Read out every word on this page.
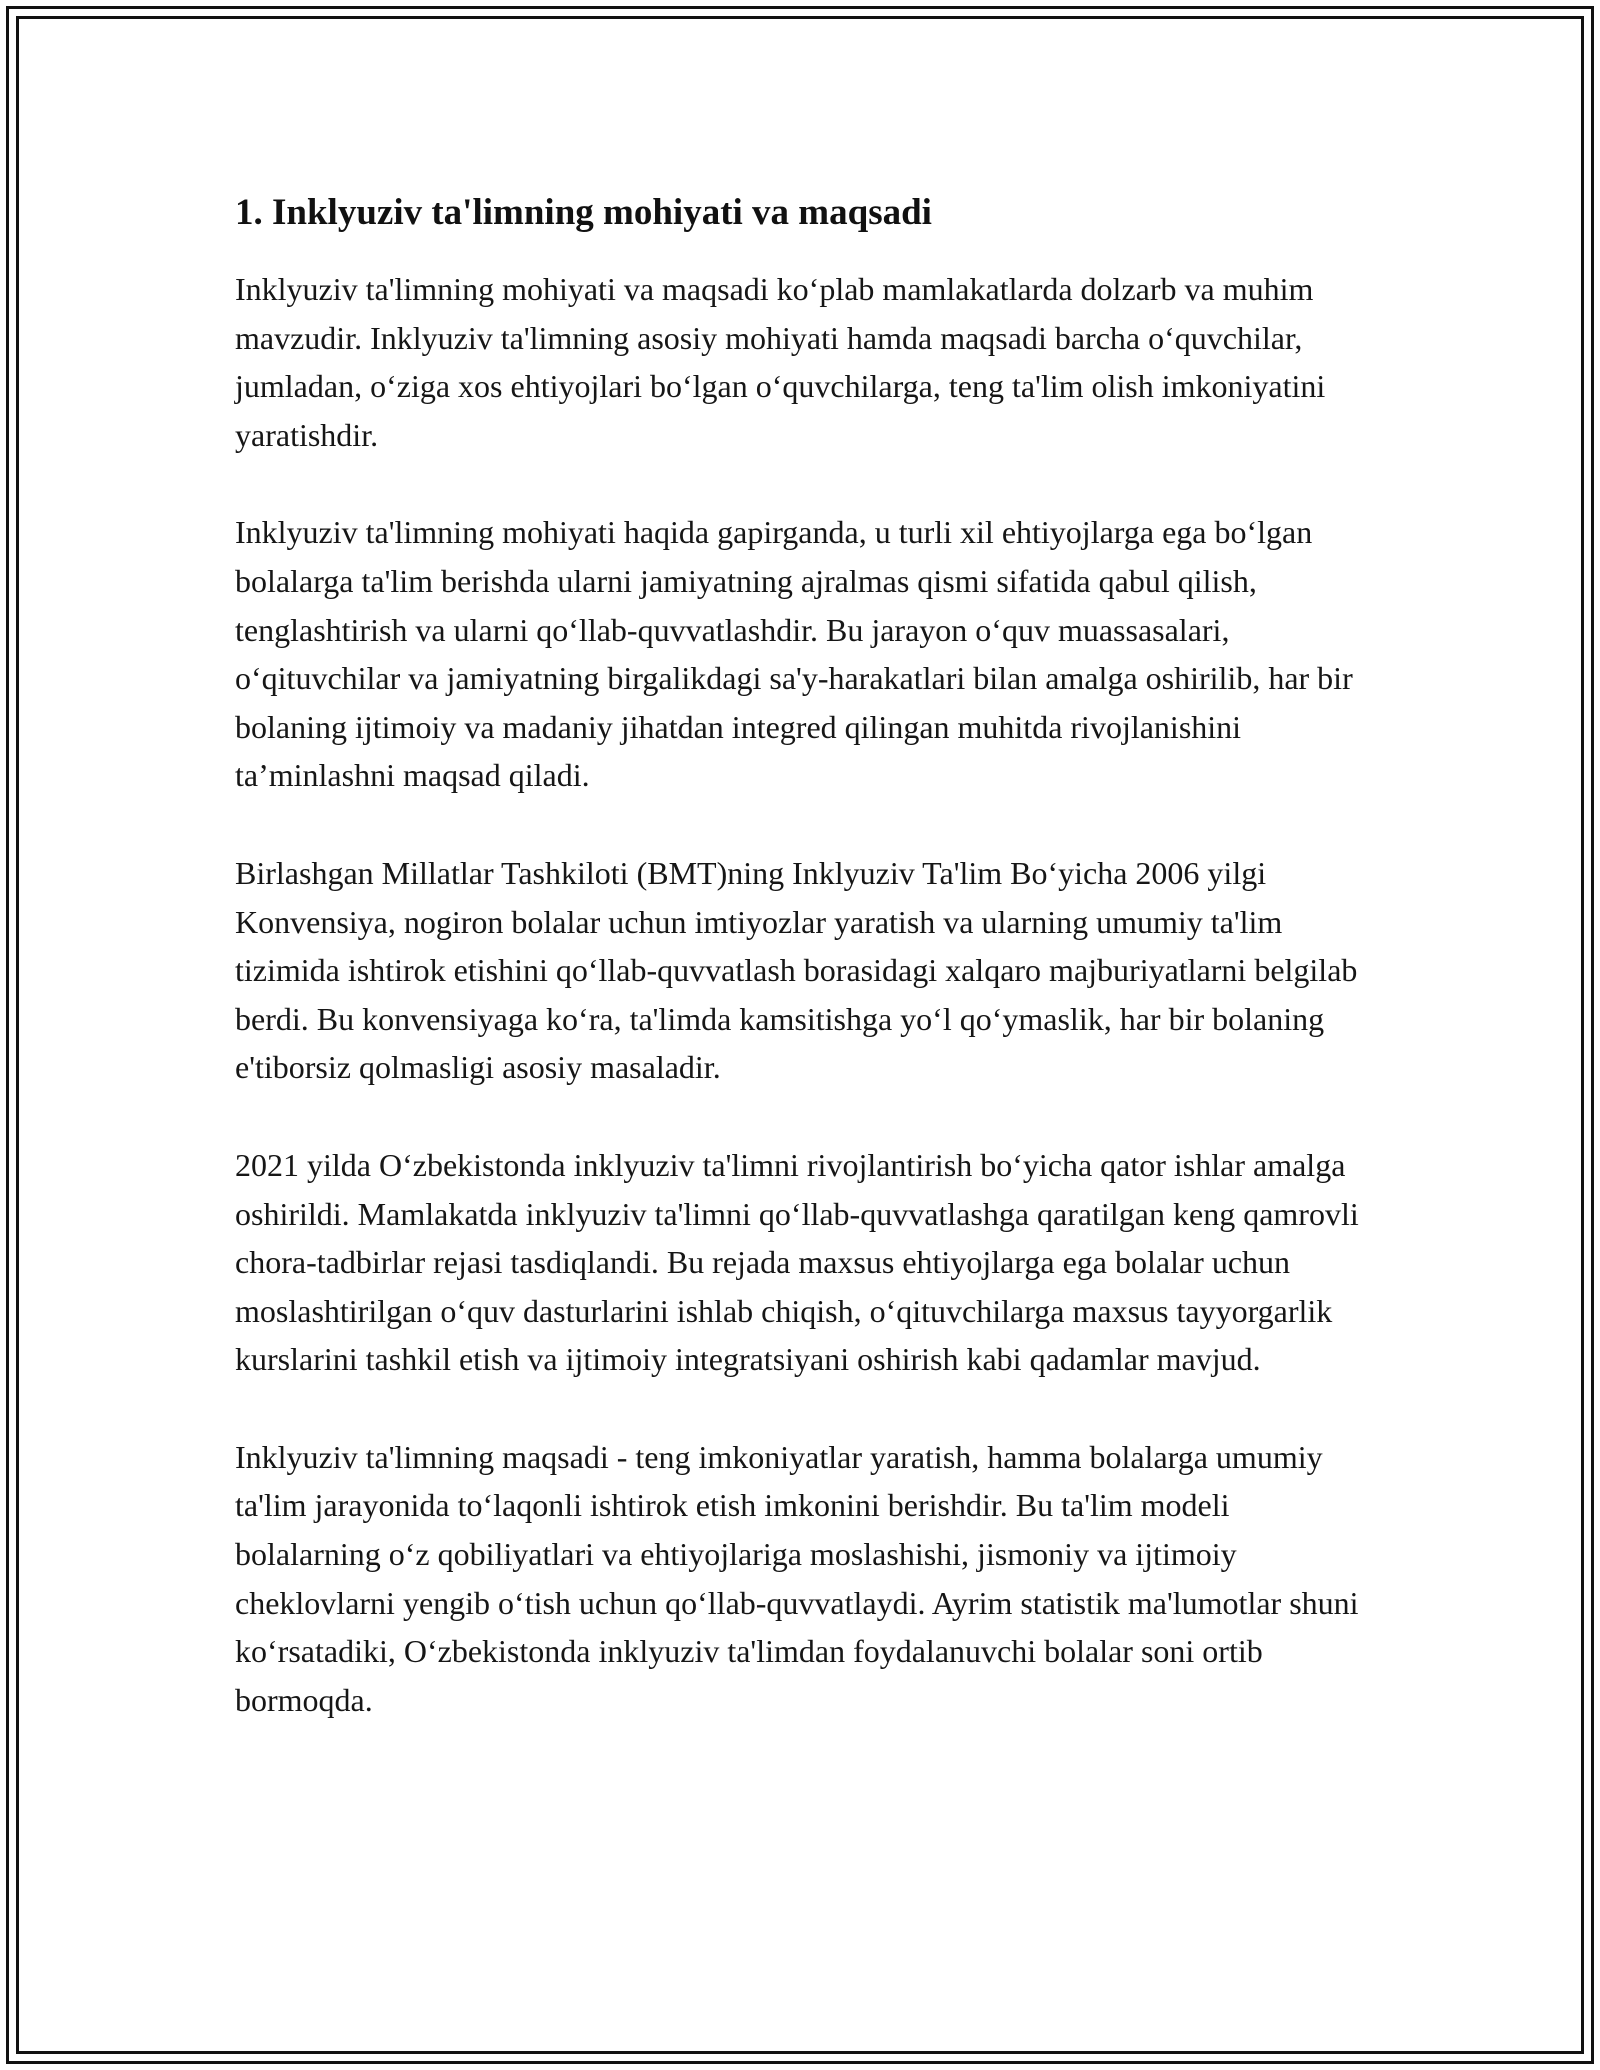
1. Inklyuziv ta'limning mohiyati va maqsadi

Inklyuziv ta'limning mohiyati va maqsadi ko‘plab mamlakatlarda dolzarb va muhim mavzudir. Inklyuziv ta'limning asosiy mohiyati hamda maqsadi barcha o‘quvchilar, jumladan, o‘ziga xos ehtiyojlari bo‘lgan o‘quvchilarga, teng ta'lim olish imkoniyatini yaratishdir.

Inklyuziv ta'limning mohiyati haqida gapirganda, u turli xil ehtiyojlarga ega bo‘lgan bolalarga ta'lim berishda ularni jamiyatning ajralmas qismi sifatida qabul qilish, tenglashtirish va ularni qo‘llab-quvvatlashdir. Bu jarayon o‘quv muassasalari, o‘qituvchilar va jamiyatning birgalikdagi sa'y-harakatlari bilan amalga oshirilib, har bir bolaning ijtimoiy va madaniy jihatdan integred qilingan muhitda rivojlanishini ta’minlashni maqsad qiladi.

Birlashgan Millatlar Tashkiloti (BMT)ning Inklyuziv Ta'lim Bo‘yicha 2006 yilgi Konvensiya, nogiron bolalar uchun imtiyozlar yaratish va ularning umumiy ta'lim tizimida ishtirok etishini qo‘llab-quvvatlash borasidagi xalqaro majburiyatlarni belgilab berdi. Bu konvensiyaga ko‘ra, ta'limda kamsitishga yo‘l qo‘ymaslik, har bir bolaning e'tiborsiz qolmasligi asosiy masaladir.

2021 yilda O‘zbekistonda inklyuziv ta'limni rivojlantirish bo‘yicha qator ishlar amalga oshirildi. Mamlakatda inklyuziv ta'limni qo‘llab-quvvatlashga qaratilgan keng qamrovli chora-tadbirlar rejasi tasdiqlandi. Bu rejada maxsus ehtiyojlarga ega bolalar uchun moslashtirilgan o‘quv dasturlarini ishlab chiqish, o‘qituvchilarga maxsus tayyorgarlik kurslarini tashkil etish va ijtimoiy integratsiyani oshirish kabi qadamlar mavjud.

Inklyuziv ta'limning maqsadi - teng imkoniyatlar yaratish, hamma bolalarga umumiy ta'lim jarayonida to‘laqonli ishtirok etish imkonini berishdir. Bu ta'lim modeli bolalarning o‘z qobiliyatlari va ehtiyojlariga moslashishi, jismoniy va ijtimoiy cheklovlarni yengib o‘tish uchun qo‘llab-quvvatlaydi. Ayrim statistik ma'lumotlar shuni ko‘rsatadiki, O‘zbekistonda inklyuziv ta'limdan foydalanuvchi bolalar soni ortib bormoqda.
